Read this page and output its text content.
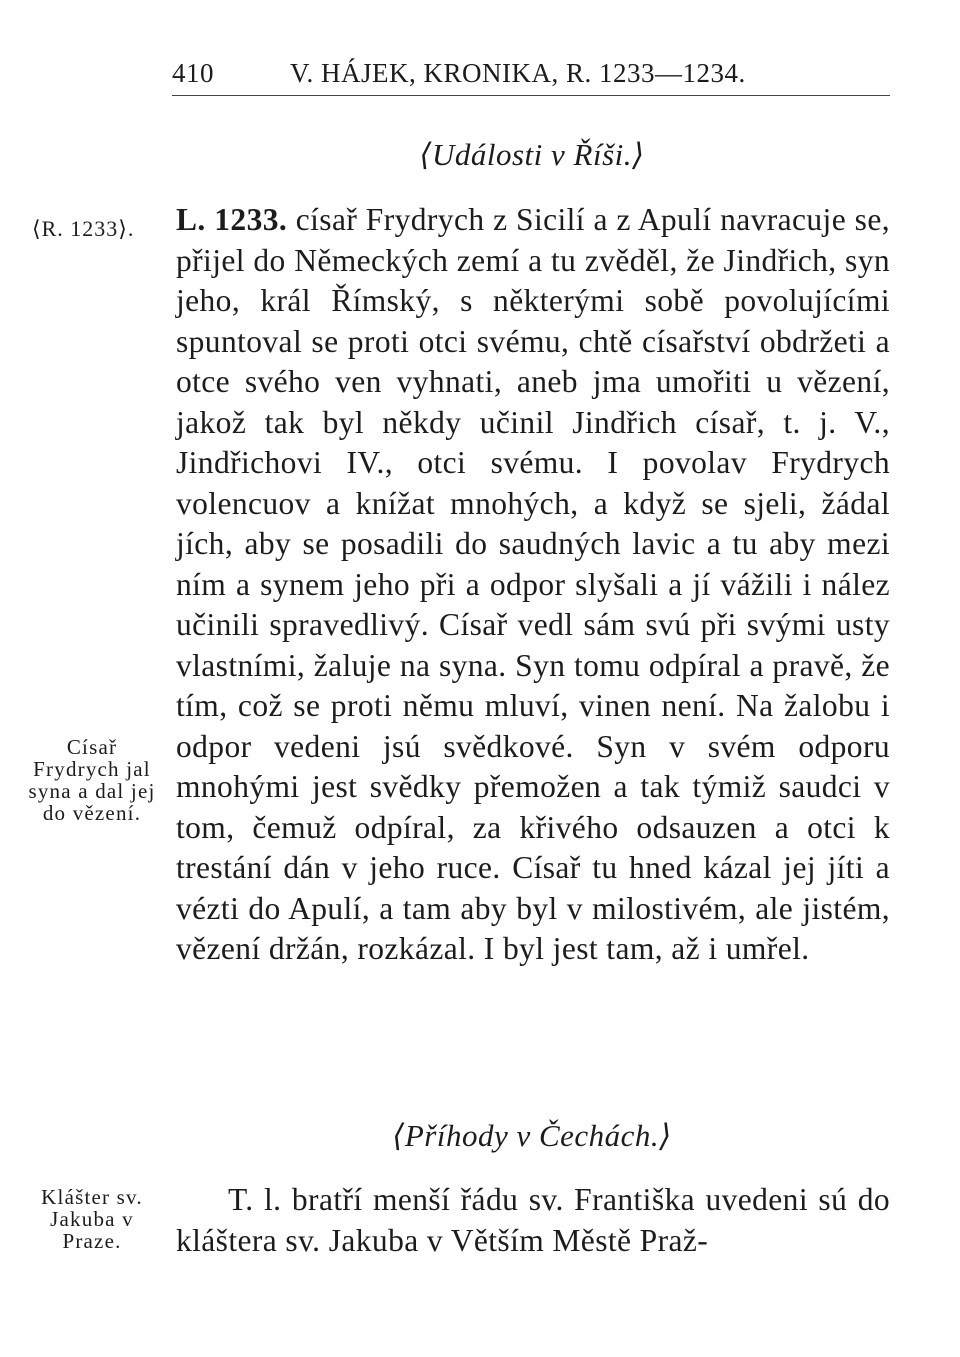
410	V. HÁJEK, KRONIKA, R. 1233—1234.
⟨Události v Říši.⟩
⟨R. 1233⟩. L. 1233. císař Frydrych z Sicilí a z Apulí navracuje se, přijel do Německých zemí a tu zvěděl, že Jindřich, syn jeho, král Římský, s některými sobě povolujícími spuntoval se proti otci svému, chtě císařství obdržeti a otce svého ven vyhnati, aneb jma umořiti u vězení, jakož tak byl někdy učinil Jindřich císař, t. j. V., Jindřichovi IV., otci svému. I povolav Frydrych volencuov a knížat mnohých, a když se sjeli, žádal jích, aby se posadili do saudných lavic a tu aby mezi ním a synem jeho při a odpor slyšali a jí vážili i nález učinili spravedlivý. Císař vedl sám svú při svými usty vlastními, žaluje na syna. Syn tomu odpíral a pravě, že tím, což se proti němu mluví, vinen není. Na žalobu i odpor vedeni jsú svědkové. Syn v svém odporu mnohými jest svědky přemožen a tak týmiž saudci v tom, čemuž odpíral, za křivého odsauzen a otci k trestání dán v jeho ruce. Císař tu hned kázal jej jíti a vézti do Apulí, a tam aby byl v milostivém, ale jistém, vězení držán, rozkázal. I byl jest tam, až i umřel.
Císař Frydrych jal syna a dal jej do vězení.
⟨Příhody v Čechách.⟩
T. l. bratří menší řádu sv. Františka uvedeni sú do kláštera sv. Jakuba v Větším Městě Praž-
Klášter sv. Jakuba v Praze.
